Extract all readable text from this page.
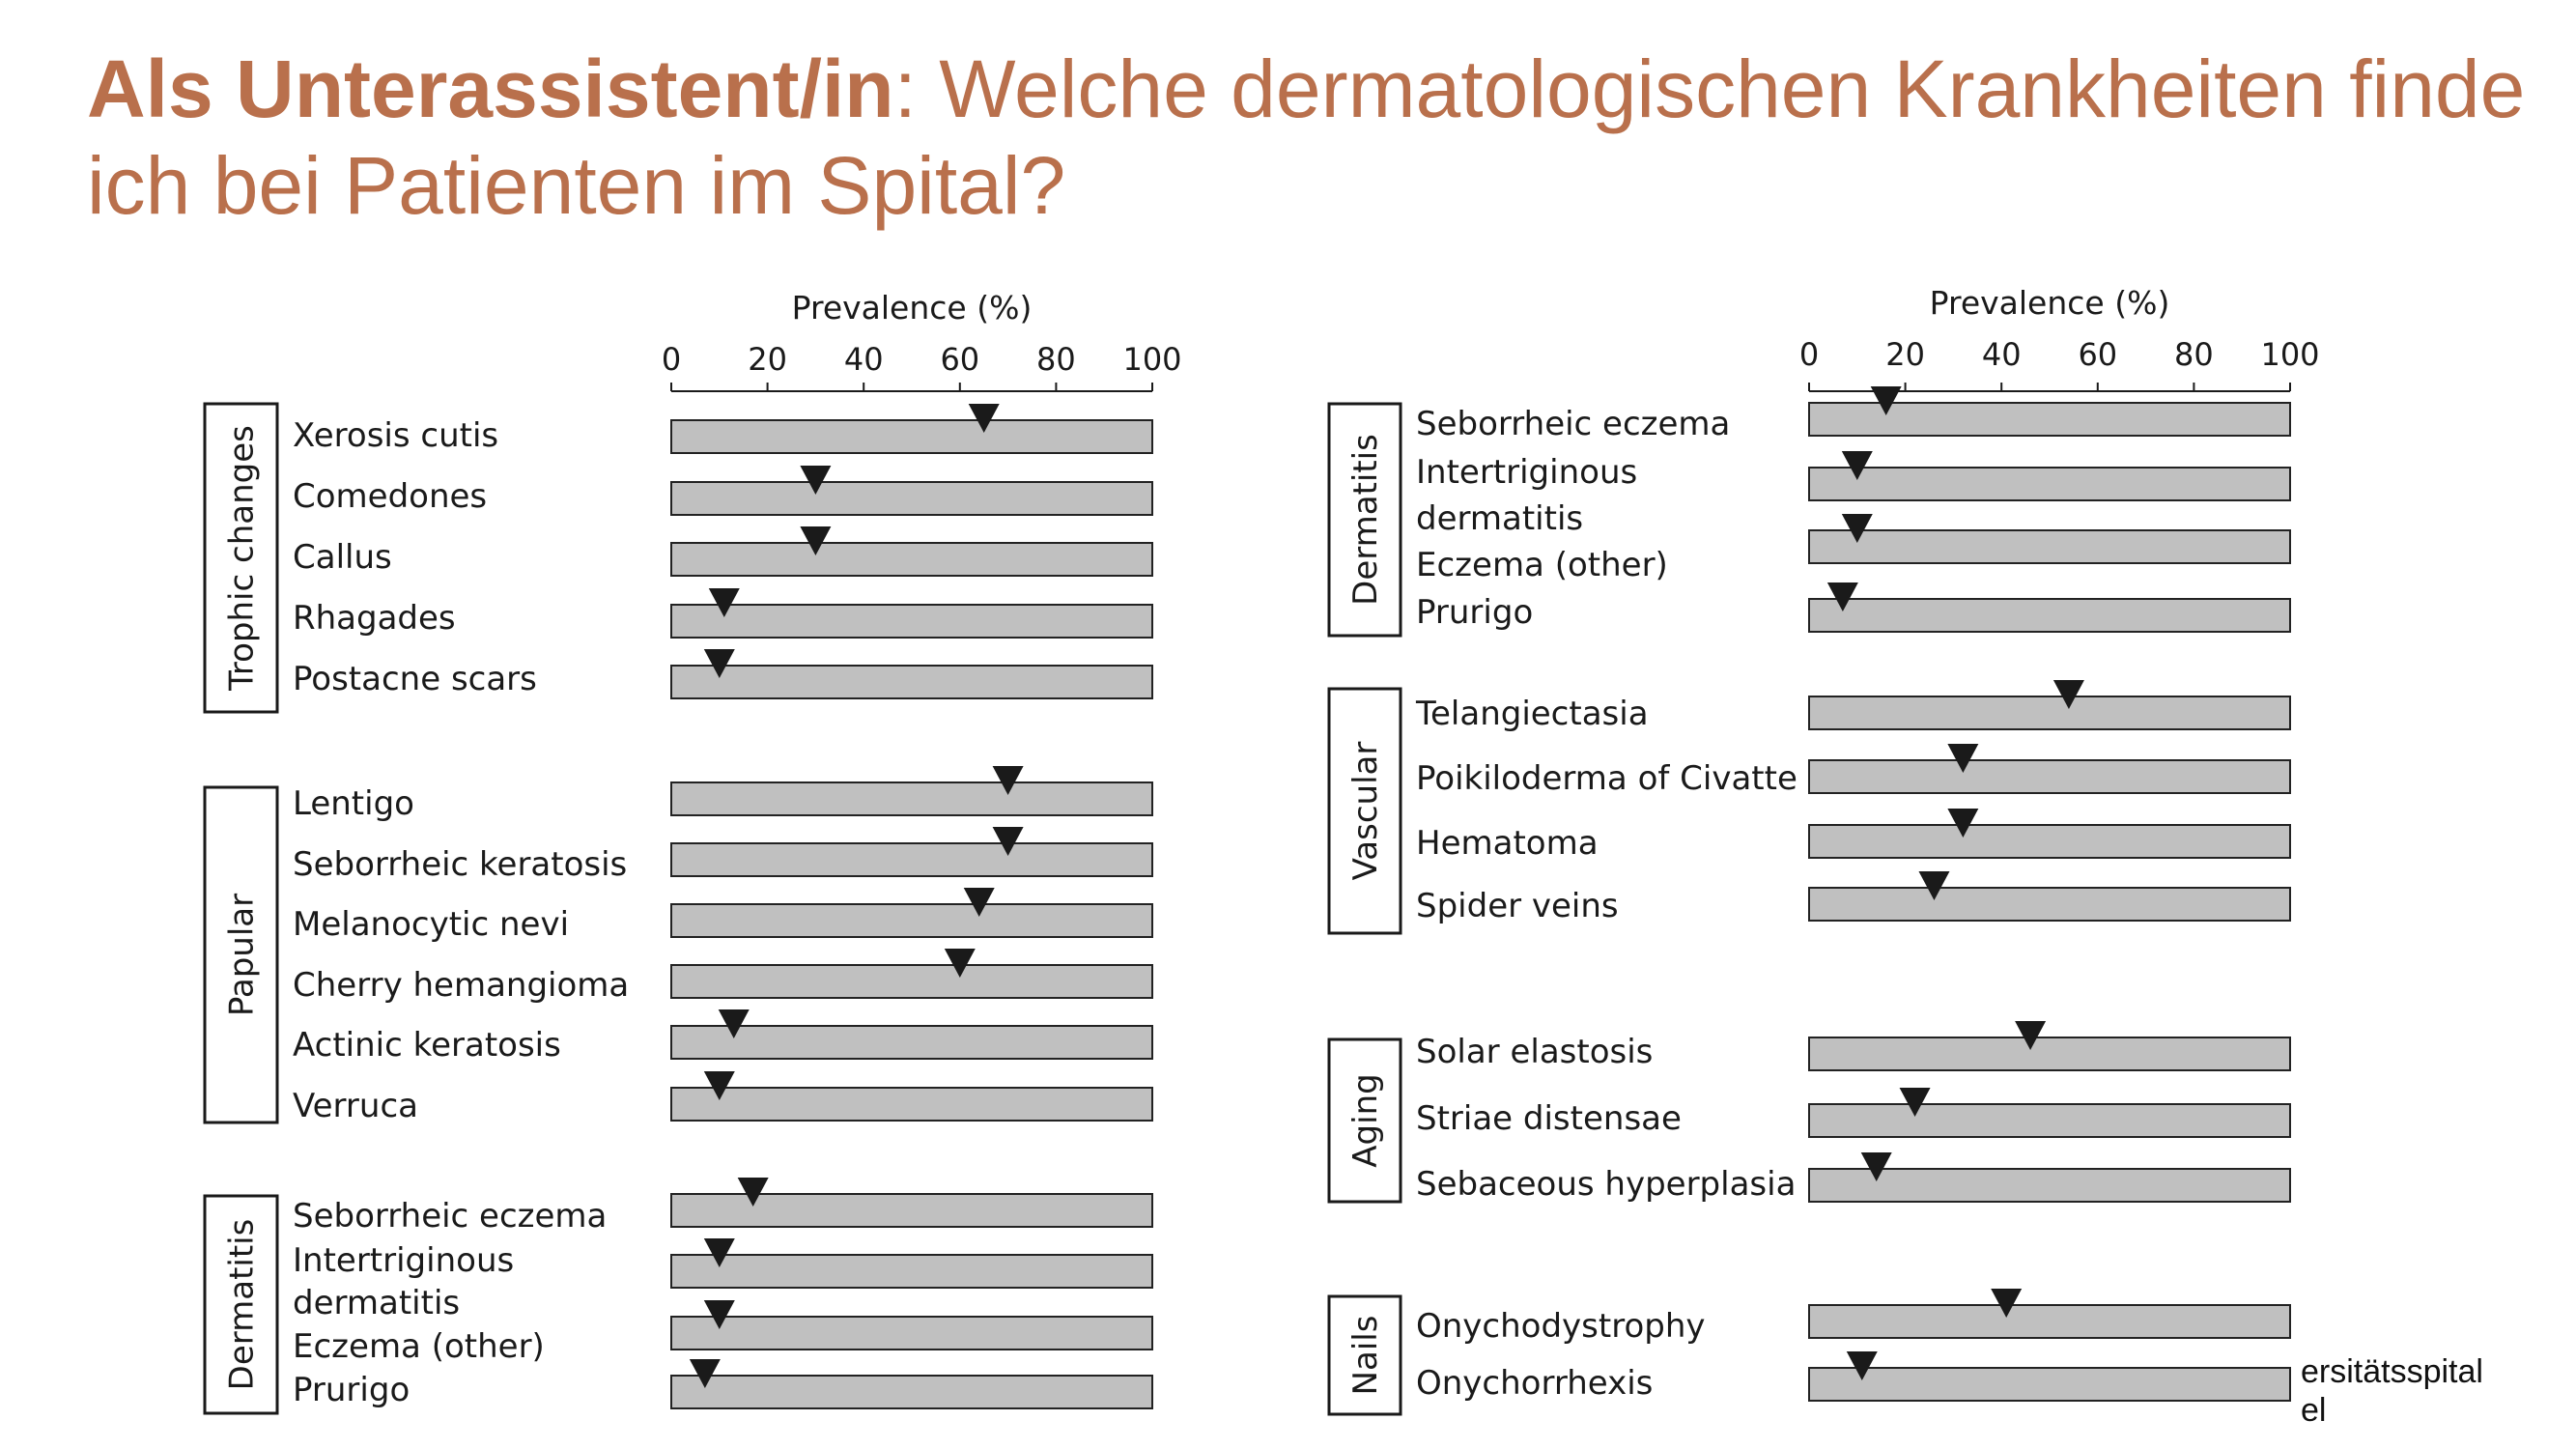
Als Unterassistent/in: Welche dermatologischen Krankheiten finde ich bei Patienten im Spital?
Prevalence (%)
0 20 40 60 80 100
Trophic changes Xerosis cutis
Comedones
Callus
Rhagades
Postacne scars
Papular
Lentigo
Seborrheic keratosis
Melanocytic nevi
Cherry hemangioma
Actinic keratosis
Verruca
Dermatitis
Seborrheic eczema
Intertriginous
dermatitis
Eczema (other)
Prurigo
Prevalence (%)
0 20 40 60 80 100
Dermatitis
Seborrheic eczema
Intertriginous
dermatitis
Eczema (other)
Prurigo
Vascular
Telangiectasia
Poikiloderma of Civatte
Hematoma
Spider veins
Aging
Solar elastosis
Striae distensae
Sebaceous hyperplasia
Nails Onychodystrophy
Onychorrhexis	ersitätsspital
el
